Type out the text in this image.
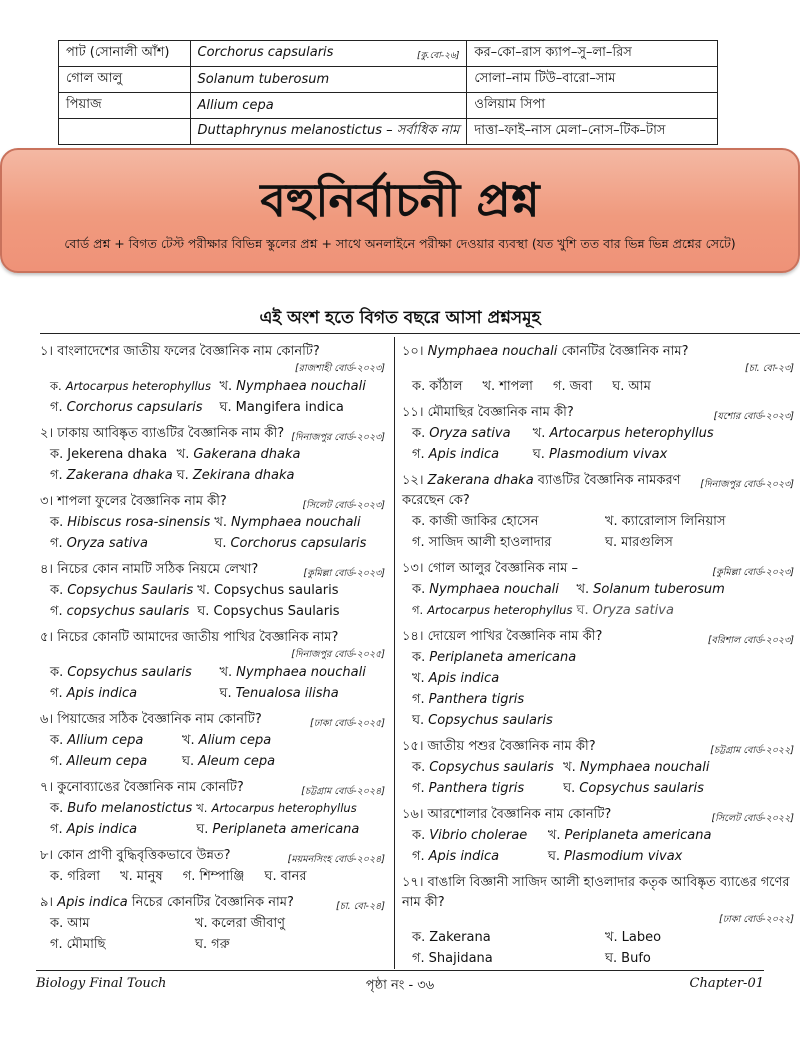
পাট (সোনালী আঁশ)	Corchorus capsularis [কু.বো-২৬]	কর–কো–রাস ক্যাপ–সু–লা–রিস
গোল আলু	Solanum tuberosum	সোলা–নাম টিউ–বারো–সাম
পিয়াজ	Allium cepa	ওলিয়াম সিপা
	Duttaphrynus melanostictus – সর্বাধিক নাম	দাত্তা–ফাই–নাস মেলা–নোস–টিক–টাস
বহুনির্বাচনী প্রশ্ন
বোর্ড প্রশ্ন + বিগত টেস্ট পরীক্ষার বিভিন্ন স্কুলের প্রশ্ন + সাথে অনলাইনে পরীক্ষা দেওয়ার ব্যবস্থা (যত খুশি তত বার ভিন্ন ভিন্ন প্রশ্নের সেটে)
এই অংশ হতে বিগত বছরে আসা প্রশ্নসমূহ
১। বাংলাদেশের জাতীয় ফলের বৈজ্ঞানিক নাম কোনটি?
[রাজশাহী বোর্ড-২০২৩]
ক. Artocarpus heterophyllus খ. Nymphaea nouchali
গ. Corchorus capsularis	ঘ. Mangifera indica
[দিনাজপুর বোর্ড-২০২৩]
২। ঢাকায় আবিষ্কৃত ব্যাঙটির বৈজ্ঞানিক নাম কী?
ক. Jekerena dhaka খ. Gakerana dhaka
গ. Zakerana dhaka ঘ. Zekirana dhaka
[সিলেট বোর্ড-২০২৩]
৩। শাপলা ফুলের বৈজ্ঞানিক নাম কী?
ক. Hibiscus rosa-sinensis খ. Nymphaea nouchali
গ. Oryza sativa	ঘ. Corchorus capsularis
[কুমিল্লা বোর্ড-২০২৩]
৪। নিচের কোন নামটি সঠিক নিয়মে লেখা?
ক. Copsychus Saularis খ. Copsychus saularis
গ. copsychus saularis ঘ. Copsychus Saularis
৫। নিচের কোনটি আমাদের জাতীয় পাখির বৈজ্ঞানিক নাম?
[দিনাজপুর বোর্ড-২০২৫]
ক. Copsychus saularis	খ. Nymphaea nouchali
গ. Apis indica	ঘ. Tenualosa ilisha
[ঢাকা বোর্ড-২০২৫]
৬। পিয়াজের সঠিক বৈজ্ঞানিক নাম কোনটি?
ক. Allium cepa	খ. Alium cepa
গ. Alleum cepa	ঘ. Aleum cepa
[চট্টগ্রাম বোর্ড-২০২৪]
৭। কুনোব্যাঙের বৈজ্ঞানিক নাম কোনটি?
ক. Bufo melanostictus খ. Artocarpus heterophyllus
গ. Apis indica	ঘ. Periplaneta americana
[ময়মনসিংহ বোর্ড-২০২৪]
৮। কোন প্রাণী বুদ্ধিবৃত্তিকভাবে উন্নত?
ক. গরিলা খ. মানুষ গ. শিম্পাঞ্জি ঘ. বানর
[চা. বো-২৪]
৯। Apis indica নিচের কোনটির বৈজ্ঞানিক নাম?
ক. আম	খ. কলেরা জীবাণু
গ. মৌমাছি	ঘ. গরু
১০। Nymphaea nouchali কোনটির বৈজ্ঞানিক নাম?
[চা. বো-২৩]
ক. কাঁঠাল খ. শাপলা গ. জবা ঘ. আম
[যশোর বোর্ড-২০২৩]
১১। মৌমাছির বৈজ্ঞানিক নাম কী?
ক. Oryza sativa	খ. Artocarpus heterophyllus
গ. Apis indica	ঘ. Plasmodium vivax
[দিনাজপুর বোর্ড-২০২৩]
১২। Zakerana dhaka ব্যাঙটির বৈজ্ঞানিক নামকরণ করেছেন কে?
ক. কাজী জাকির হোসেন	খ. ক্যারোলাস লিনিয়াস
গ. সাজিদ আলী হাওলাদার	ঘ. মারগুলিস
[কুমিল্লা বোর্ড-২০২৩]
১৩। গোল আলুর বৈজ্ঞানিক নাম –
ক. Nymphaea nouchali	খ. Solanum tuberosum
গ. Artocarpus heterophyllus ঘ. Oryza sativa
[বরিশাল বোর্ড-২০২৩]
১৪। দোয়েল পাখির বৈজ্ঞানিক নাম কী?
ক. Periplaneta americana
খ. Apis indica
গ. Panthera tigris
ঘ. Copsychus saularis
[চট্টগ্রাম বোর্ড-২০২২]
১৫। জাতীয় পশুর বৈজ্ঞানিক নাম কী?
ক. Copsychus saularis খ. Nymphaea nouchali
গ. Panthera tigris	ঘ. Copsychus saularis
[সিলেট বোর্ড-২০২২]
১৬। আরশোলার বৈজ্ঞানিক নাম কোনটি?
ক. Vibrio cholerae	খ. Periplaneta americana
গ. Apis indica	ঘ. Plasmodium vivax
১৭। বাঙালি বিজ্ঞানী সাজিদ আলী হাওলাদার কতৃক আবিষ্কৃত ব্যাঙের গণের নাম কী?
[ঢাকা বোর্ড-২০২২]
ক. Zakerana	খ. Labeo
গ. Shajidana	ঘ. Bufo
Biology Final Touch	পৃষ্ঠা নং - ৩৬	Chapter-01
